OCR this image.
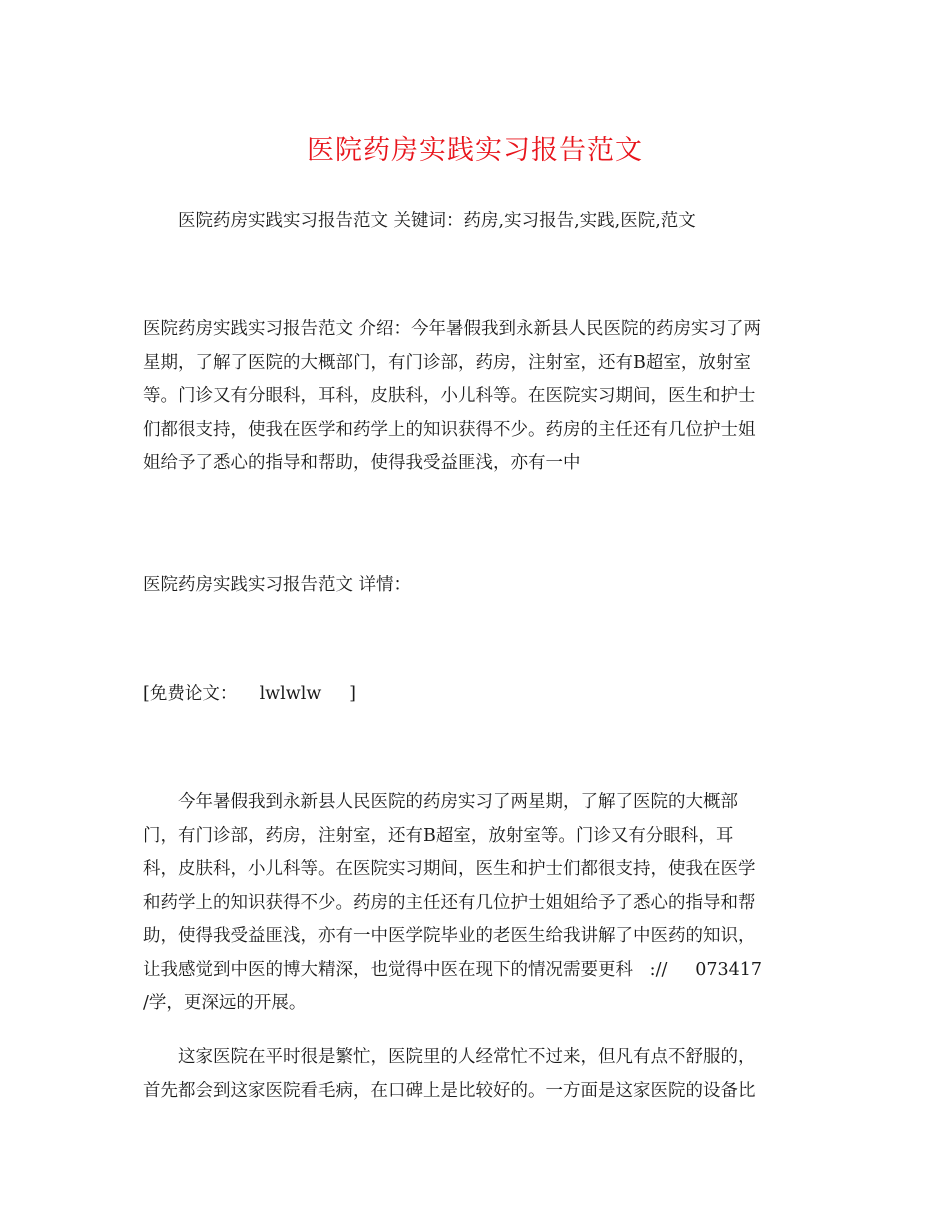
医院药房实践实习报告范文

医院药房实践实习报告范文 关键词：药房,实习报告,实践,医院,范文

医院药房实践实习报告范文 介绍：今年暑假我到永新县人民医院的药房实习了两
星期，了解了医院的大概部门，有门诊部，药房，注射室，还有B超室，放射室
等。门诊又有分眼科，耳科，皮肤科，小儿科等。在医院实习期间，医生和护士
们都很支持，使我在医学和药学上的知识获得不少。药房的主任还有几位护士姐
姐给予了悉心的指导和帮助，使得我受益匪浅，亦有一中

医院药房实践实习报告范文 详情：

[免费论文：    lwlwlw     ]

今年暑假我到永新县人民医院的药房实习了两星期，了解了医院的大概部
门，有门诊部，药房，注射室，还有B超室，放射室等。门诊又有分眼科，耳
科，皮肤科，小儿科等。在医院实习期间，医生和护士们都很支持，使我在医学
和药学上的知识获得不少。药房的主任还有几位护士姐姐给予了悉心的指导和帮
助，使得我受益匪浅，亦有一中医学院毕业的老医生给我讲解了中医药的知识，
让我感觉到中医的博大精深，也觉得中医在现下的情况需要更科   ://     073417
/学，更深远的开展。

这家医院在平时很是繁忙，医院里的人经常忙不过来，但凡有点不舒服的，
首先都会到这家医院看毛病，在口碑上是比较好的。一方面是这家医院的设备比
